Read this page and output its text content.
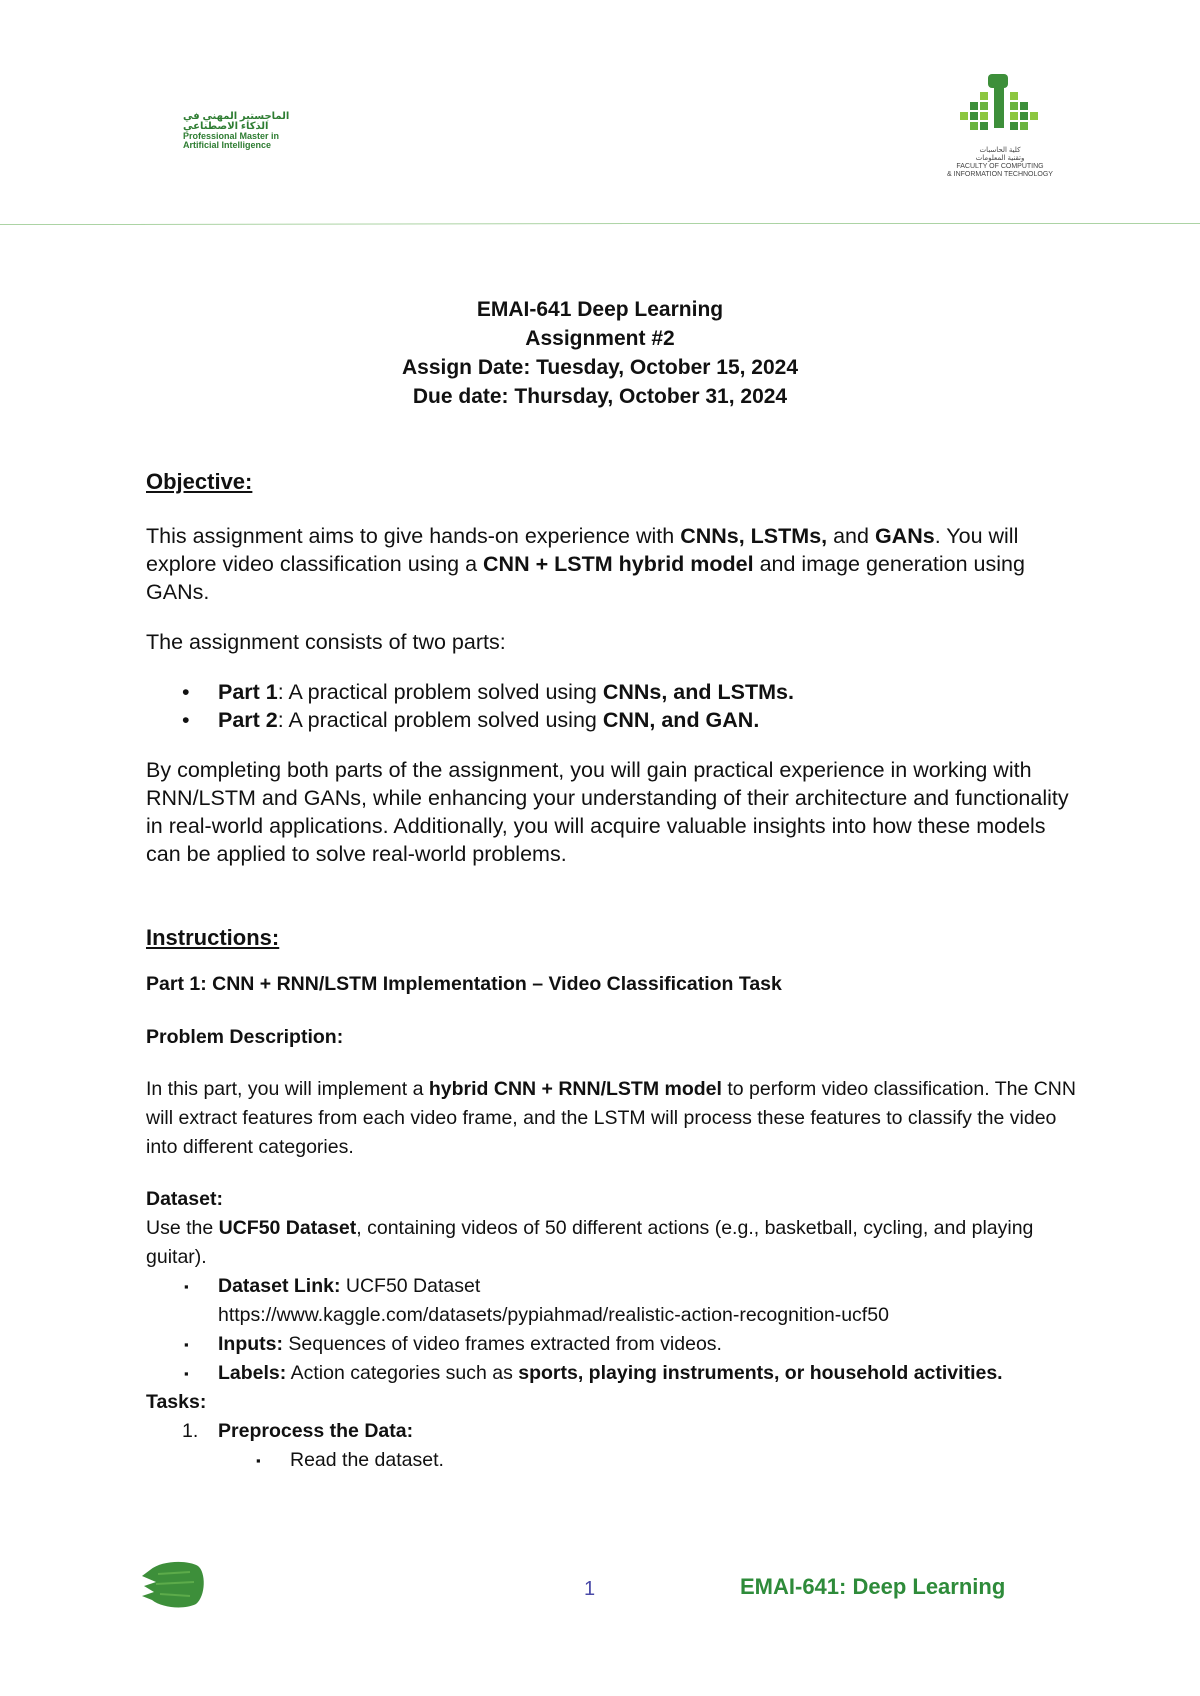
الماجستير المهني في الذكاء الاصطناعي
Professional Master in
Artificial Intelligence
كلية الحاسبات
وتقنية المعلومات
FACULTY OF COMPUTING
& INFORMATION TECHNOLOGY
EMAI-641 Deep Learning
Assignment #2
Assign Date: Tuesday, October 15, 2024
Due date: Thursday, October 31, 2024
Objective:

This assignment aims to give hands-on experience with CNNs, LSTMs, and GANs. You will explore video classification using a CNN + LSTM hybrid model and image generation using GANs.

The assignment consists of two parts:

• Part 1: A practical problem solved using CNNs, and LSTMs.
• Part 2: A practical problem solved using CNN, and GAN.

By completing both parts of the assignment, you will gain practical experience in working with RNN/LSTM and GANs, while enhancing your understanding of their architecture and functionality in real-world applications. Additionally, you will acquire valuable insights into how these models can be applied to solve real-world problems.

Instructions:
Part 1: CNN + RNN/LSTM Implementation – Video Classification Task
Problem Description:

In this part, you will implement a hybrid CNN + RNN/LSTM model to perform video classification. The CNN will extract features from each video frame, and the LSTM will process these features to classify the video into different categories.

Dataset:

Use the UCF50 Dataset, containing videos of 50 different actions (e.g., basketball, cycling, and playing guitar).

▪ Dataset Link: UCF50 Dataset
https://www.kaggle.com/datasets/pypiahmad/realistic-action-recognition-ucf50
▪ Inputs: Sequences of video frames extracted from videos.
▪ Labels: Action categories such as sports, playing instruments, or household activities.
Tasks:
1. Preprocess the Data:
▪ Read the dataset.
1	EMAI-641: Deep Learning
